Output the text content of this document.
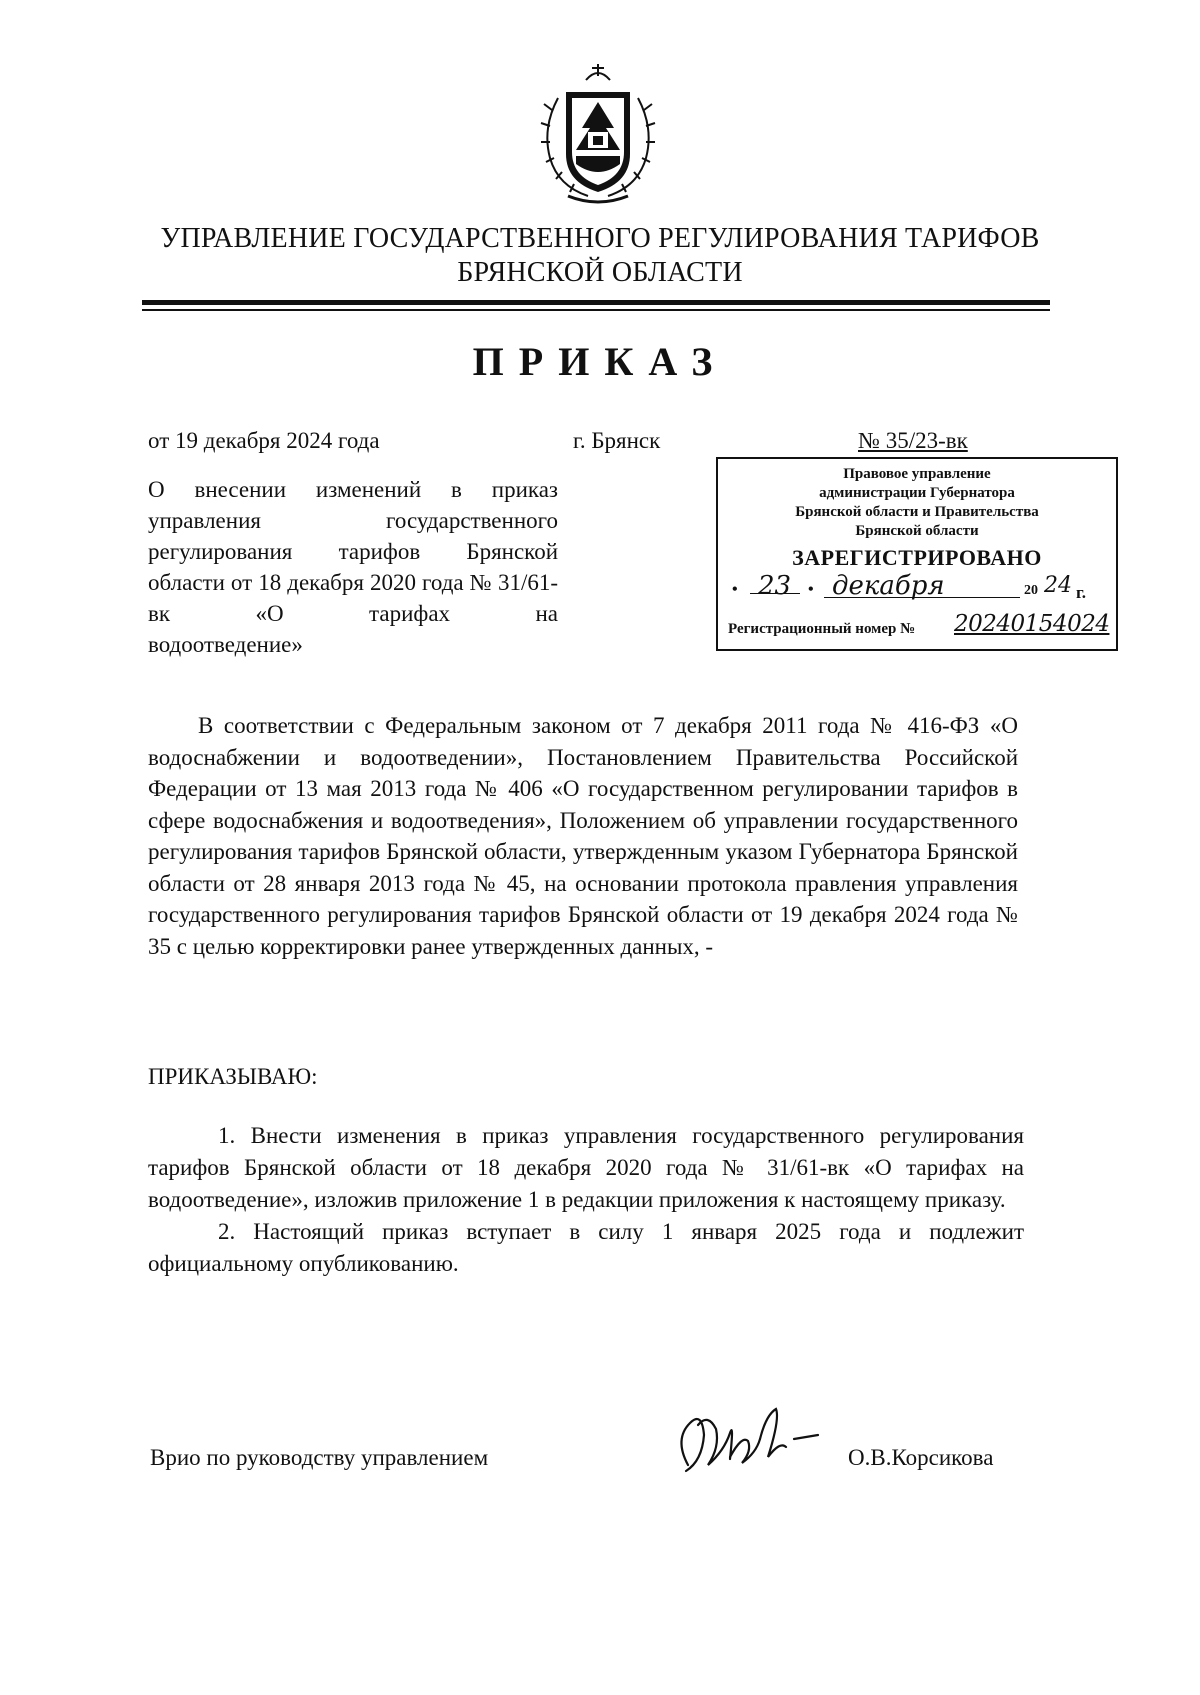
УПРАВЛЕНИЕ ГОСУДАРСТВЕННОГО РЕГУЛИРОВАНИЯ ТАРИФОВ
БРЯНСКОЙ ОБЛАСТИ
ПРИКАЗ
от 19 декабря 2024 года	г. Брянск	№ 35/23-вк
О внесении изменений в приказ управления государственного регулирования тарифов Брянской области от 18 декабря 2020 года № 31/61-вк «О тарифах на
водоотведение»
Правовое управление
администрации Губернатора
Брянской области и Правительства
Брянской области
ЗАРЕГИСТРИРОВАНО
• 23 • декабря	20 24 г.
Регистрационный номер № 20240154024

В соответствии с Федеральным законом от 7 декабря 2011 года № 416-ФЗ «О водоснабжении и водоотведении», Постановлением Правительства Российской Федерации от 13 мая 2013 года № 406 «О государственном регулировании тарифов в сфере водоснабжения и водоотведения», Положением об управлении государственного регулирования тарифов Брянской области, утвержденным указом Губернатора Брянской области от 28 января 2013 года № 45, на основании протокола правления управления государственного регулирования тарифов Брянской области от 19 декабря 2024 года № 35 с целью корректировки ранее утвержденных данных, -

ПРИКАЗЫВАЮ:

1. Внести изменения в приказ управления государственного регулирования тарифов Брянской области от 18 декабря 2020 года № 31/61-вк «О тарифах на водоотведение», изложив приложение 1 в редакции приложения к настоящему приказу.

2. Настоящий приказ вступает в силу 1 января 2025 года и подлежит официальному опубликованию.

Врио по руководству управлением	О.В.Корсикова
